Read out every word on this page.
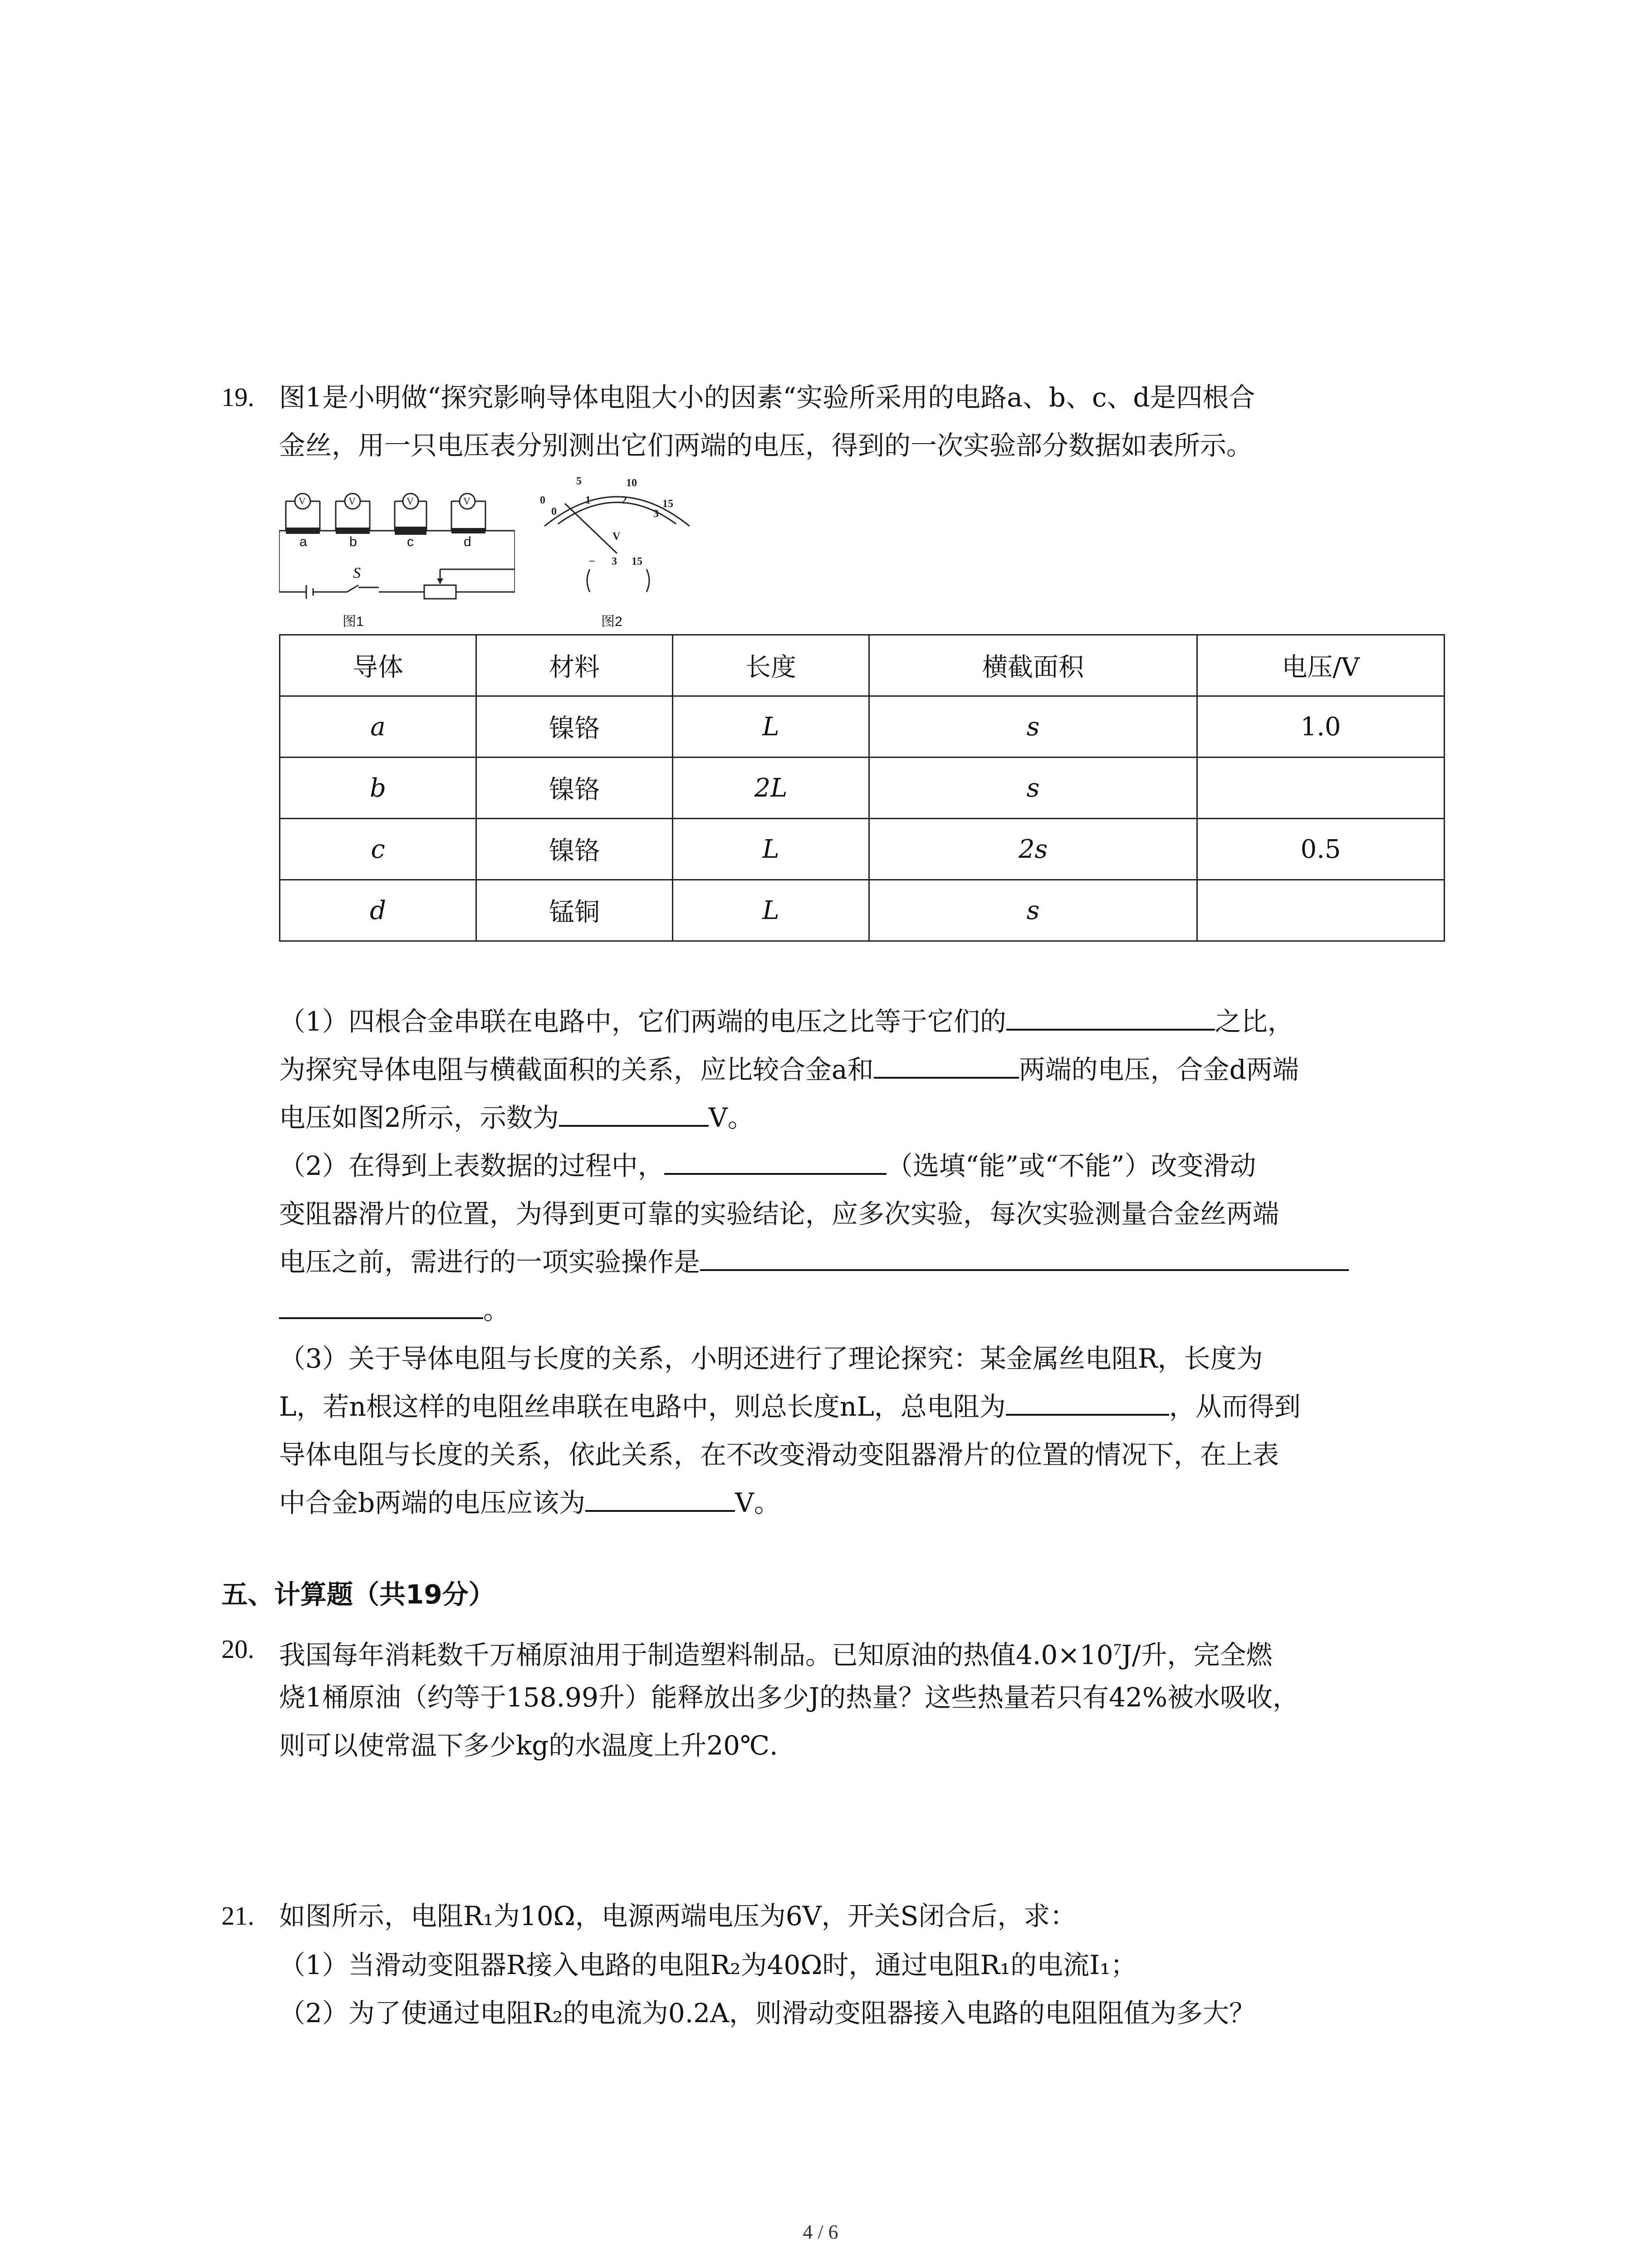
19. 图1是小明做“探究影响导体电阻大小的因素“实验所采用的电路a、b、c、d是四根合
金丝，用一只电压表分别测出它们两端的电压，得到的一次实验部分数据如表所示。
V	V	V	V
a	b	c	d
S
图1
0
5	10
15
0
1	2
3
V
− 3 15
图2
导体	材料	长度	横截面积	电压/V
a	镍铬	L	s	1.0
b	镍铬	2L	s	
c	镍铬	L	2s	0.5
d	锰铜	L	s	
（1）四根合金串联在电路中，它们两端的电压之比等于它们的	之比，
为探究导体电阻与横截面积的关系，应比较合金a和	两端的电压，合金d两端
电压如图2所示，示数为	V。
（2）在得到上表数据的过程中，	（选填“能”或“不能”）改变滑动
变阻器滑片的位置，为得到更可靠的实验结论，应多次实验，每次实验测量合金丝两端
电压之前，需进行的一项实验操作是
。
（3）关于导体电阻与长度的关系，小明还进行了理论探究：某金属丝电阻R，长度为
L，若n根这样的电阻丝串联在电路中，则总长度nL，总电阻为	，从而得到
导体电阻与长度的关系，依此关系，在不改变滑动变阻器滑片的位置的情况下，在上表
中合金b两端的电压应该为	V。
五、计算题（共19分）
20. 我国每年消耗数千万桶原油用于制造塑料制品。已知原油的热值$4.0\times 10^7J/$升，完全燃
烧1桶原油（约等于158.99升）能释放出多少J的热量？这些热量若只有42%被水吸收，
则可以使常温下多少kg的水温度上升20℃.
21. 如图所示，电阻R₁为10Ω，电源两端电压为6V，开关S闭合后，求：
（1）当滑动变阻器R接入电路的电阻R₂为40Ω时，通过电阻R₁的电流I₁；
（2）为了使通过电阻R₂的电流为0.2A，则滑动变阻器接入电路的电阻阻值为多大？
4 / 6
